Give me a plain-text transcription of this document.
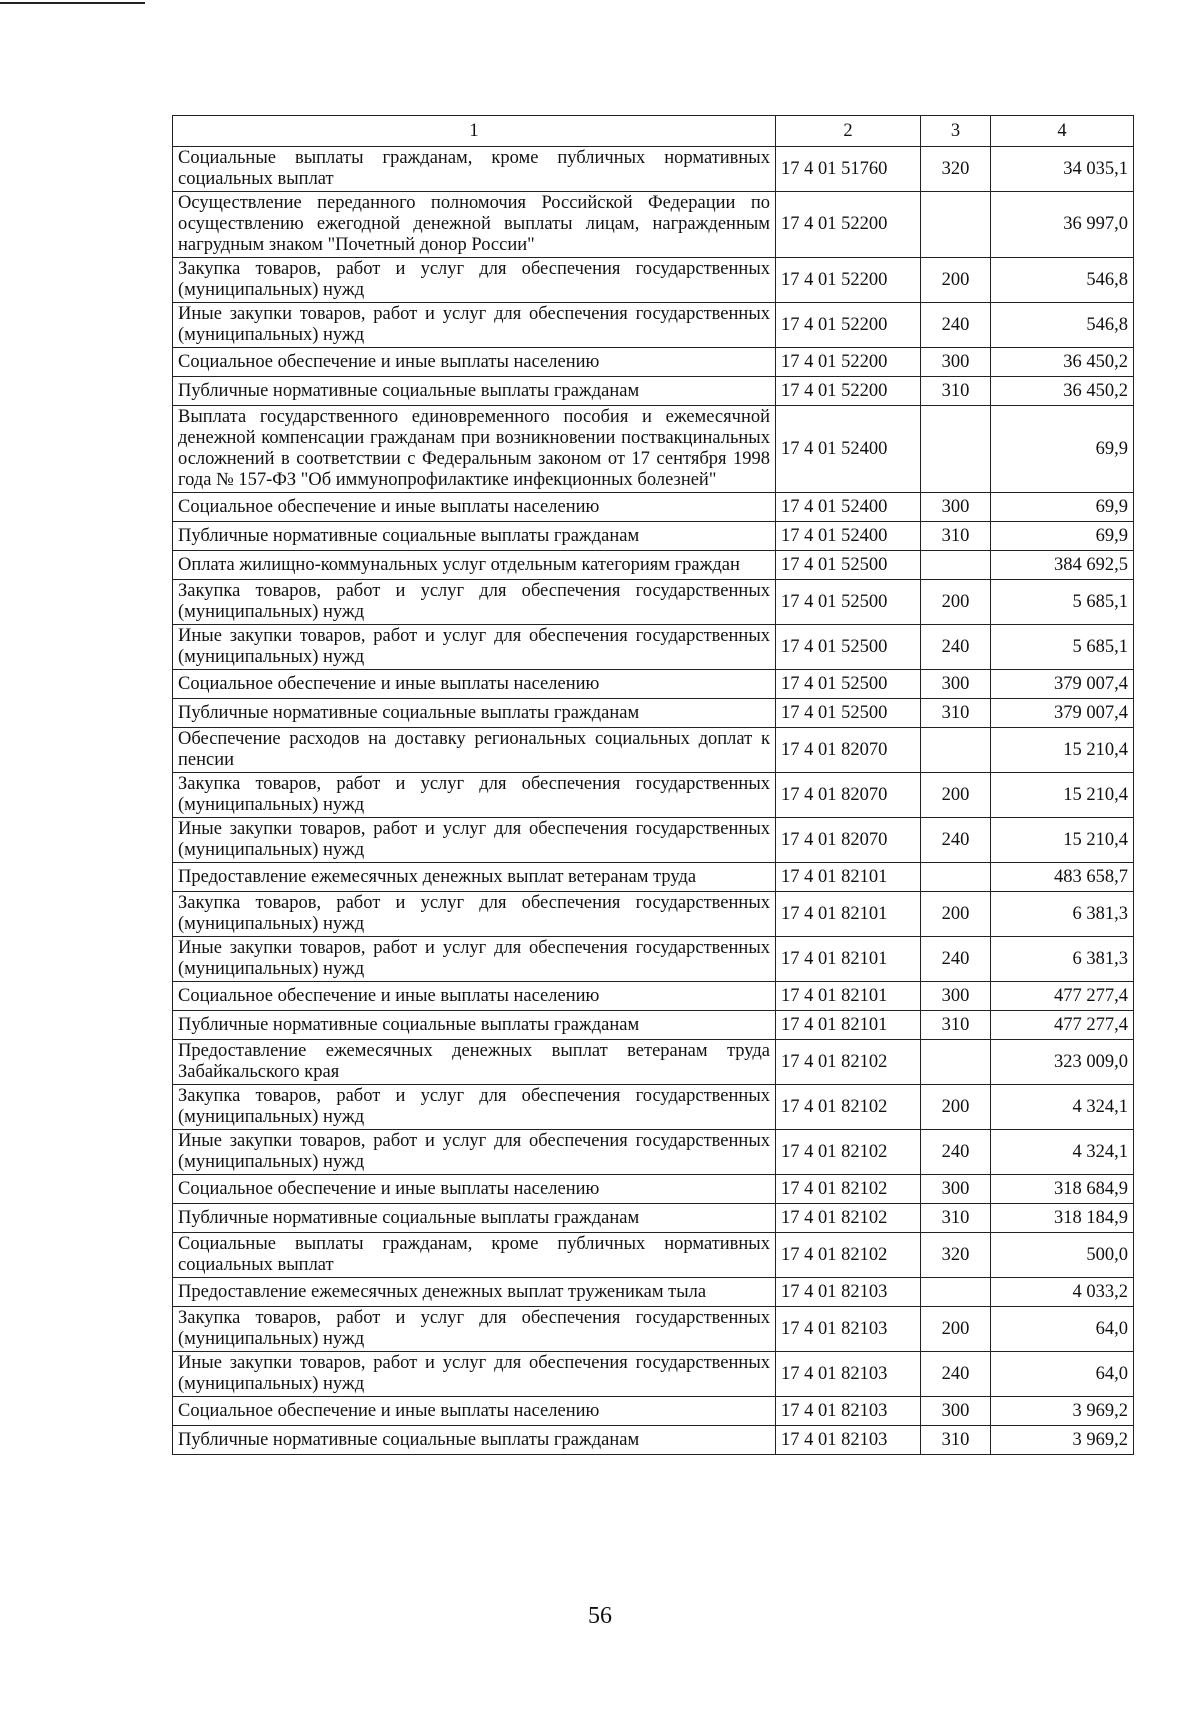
1	2	3	4
Социальные выплаты гражданам, кроме публичных нормативных социальных выплат	17 4 01 51760	320	34 035,1
Осуществление переданного полномочия Российской Федерации по осуществлению ежегодной денежной выплаты лицам, награжденным нагрудным знаком "Почетный донор России"	17 4 01 52200		36 997,0
Закупка товаров, работ и услуг для обеспечения государственных (муниципальных) нужд	17 4 01 52200	200	546,8
Иные закупки товаров, работ и услуг для обеспечения государственных (муниципальных) нужд	17 4 01 52200	240	546,8
Социальное обеспечение и иные выплаты населению	17 4 01 52200	300	36 450,2
Публичные нормативные социальные выплаты гражданам	17 4 01 52200	310	36 450,2
Выплата государственного единовременного пособия и ежемесячной денежной компенсации гражданам при возникновении поствакцинальных осложнений в соответствии с Федеральным законом от 17 сентября 1998 года № 157-ФЗ "Об иммунопрофилактике инфекционных болезней"	17 4 01 52400		69,9
Социальное обеспечение и иные выплаты населению	17 4 01 52400	300	69,9
Публичные нормативные социальные выплаты гражданам	17 4 01 52400	310	69,9
Оплата жилищно-коммунальных услуг отдельным категориям граждан	17 4 01 52500		384 692,5
Закупка товаров, работ и услуг для обеспечения государственных (муниципальных) нужд	17 4 01 52500	200	5 685,1
Иные закупки товаров, работ и услуг для обеспечения государственных (муниципальных) нужд	17 4 01 52500	240	5 685,1
Социальное обеспечение и иные выплаты населению	17 4 01 52500	300	379 007,4
Публичные нормативные социальные выплаты гражданам	17 4 01 52500	310	379 007,4
Обеспечение расходов на доставку региональных социальных доплат к пенсии	17 4 01 82070		15 210,4
Закупка товаров, работ и услуг для обеспечения государственных (муниципальных) нужд	17 4 01 82070	200	15 210,4
Иные закупки товаров, работ и услуг для обеспечения государственных (муниципальных) нужд	17 4 01 82070	240	15 210,4
Предоставление ежемесячных денежных выплат ветеранам труда	17 4 01 82101		483 658,7
Закупка товаров, работ и услуг для обеспечения государственных (муниципальных) нужд	17 4 01 82101	200	6 381,3
Иные закупки товаров, работ и услуг для обеспечения государственных (муниципальных) нужд	17 4 01 82101	240	6 381,3
Социальное обеспечение и иные выплаты населению	17 4 01 82101	300	477 277,4
Публичные нормативные социальные выплаты гражданам	17 4 01 82101	310	477 277,4
Предоставление ежемесячных денежных выплат ветеранам труда Забайкальского края	17 4 01 82102		323 009,0
Закупка товаров, работ и услуг для обеспечения государственных (муниципальных) нужд	17 4 01 82102	200	4 324,1
Иные закупки товаров, работ и услуг для обеспечения государственных (муниципальных) нужд	17 4 01 82102	240	4 324,1
Социальное обеспечение и иные выплаты населению	17 4 01 82102	300	318 684,9
Публичные нормативные социальные выплаты гражданам	17 4 01 82102	310	318 184,9
Социальные выплаты гражданам, кроме публичных нормативных социальных выплат	17 4 01 82102	320	500,0
Предоставление ежемесячных денежных выплат труженикам тыла	17 4 01 82103		4 033,2
Закупка товаров, работ и услуг для обеспечения государственных (муниципальных) нужд	17 4 01 82103	200	64,0
Иные закупки товаров, работ и услуг для обеспечения государственных (муниципальных) нужд	17 4 01 82103	240	64,0
Социальное обеспечение и иные выплаты населению	17 4 01 82103	300	3 969,2
Публичные нормативные социальные выплаты гражданам	17 4 01 82103	310	3 969,2
56
